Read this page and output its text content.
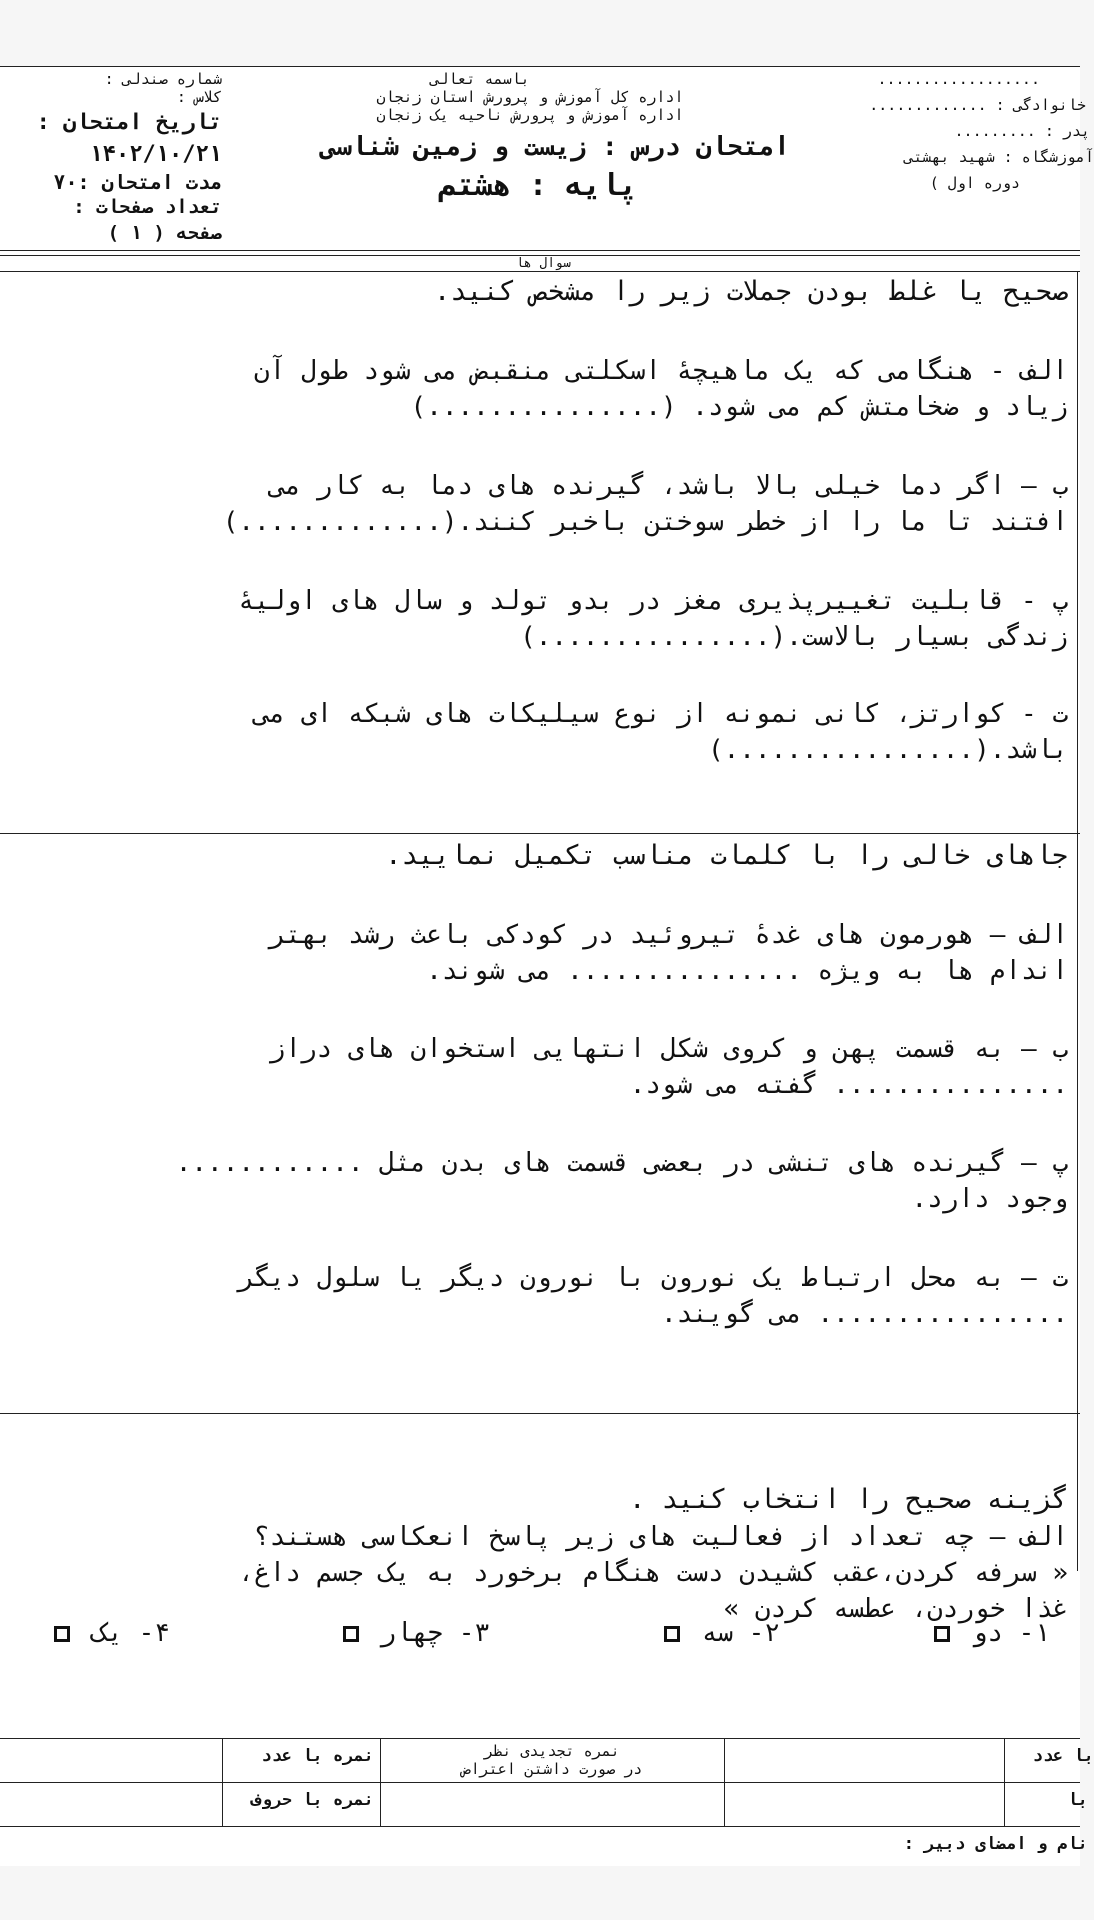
شماره صندلی :
کلاس :
تاریخ امتحان :
۱۴۰۲/۱۰/۲۱
مدت امتحان :۷۰
تعداد صفحات :
صفحه ( ۱ )
باسمه تعالی
اداره کل آموزش و پرورش استان زنجان
اداره آموزش و پرورش ناحیه یک زنجان
امتحان درس : زیست و زمین شناسی
پایه : هشتم
..................
خانوادگی : .............
پدر : .........
آموزشگاه : شهید بهشتی
دوره اول )
سوال ها
صحیح یا غلط بودن جملات زیر را مشخص کنید.
الف - هنگامی که یک ماهیچهٔ اسکلتی منقبض می شود طول آن
زیاد و ضخامتش کم می شود. (...............)
ب – اگر دما خیلی بالا باشد، گیرنده های دما به کار می
افتند تا ما را از خطر سوختن باخبر کنند.(.............)
پ - قابلیت تغییرپذیری مغز در بدو تولد و سال های اولیهٔ
زندگی بسیار بالاست.(...............)
ت - کوارتز، کانی نمونه از نوع سیلیکات های شبکه ای می
باشد.(................)
جاهای خالی را با کلمات مناسب تکمیل نمایید.
الف – هورمون های غدهٔ تیروئید در کودکی باعث رشد بهتر
اندام ها به ویژه ............... می شوند.
ب – به قسمت پهن و کروی شکل انتهایی استخوان های دراز
............... گفته می شود.
پ – گیرنده های تنشی در بعضی قسمت های بدن مثل ............
وجود دارد.
ت – به محل ارتباط یک نورون با نورون دیگر یا سلول دیگر
................ می گویند.
گزینه صحیح را انتخاب کنید .
الف – چه تعداد از فعالیت های زیر پاسخ انعکاسی هستند؟
« سرفه کردن،عقب کشیدن دست هنگام برخورد به یک جسم داغ،
غذا خوردن، عطسه کردن »
۱- دو
۲- سه
۳- چهار
۴- یک
با عدد
با
نمره تجدیدی نظر
در صورت داشتن اعتراض
نمره با عدد
نمره با حروف
نام و امضای دبیر :
